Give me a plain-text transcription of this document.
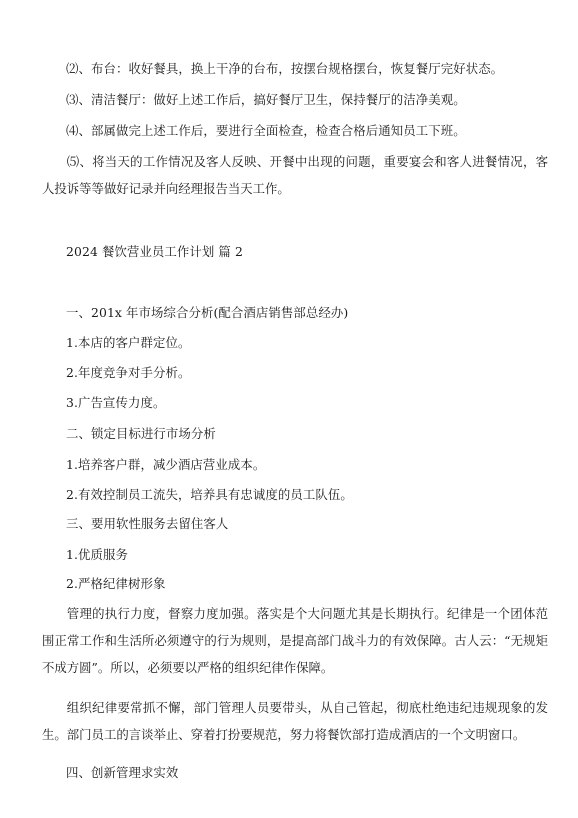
⑵、布台：收好餐具，换上干净的台布，按摆台规格摆台，恢复餐厅完好状态。
⑶、清洁餐厅：做好上述工作后，搞好餐厅卫生，保持餐厅的洁净美观。
⑷、部属做完上述工作后，要进行全面检查，检查合格后通知员工下班。
⑸、将当天的工作情况及客人反映、开餐中出现的问题，重要宴会和客人进餐情况，客人投诉等等做好记录并向经理报告当天工作。
2024 餐饮营业员工作计划 篇 2
一、201x 年市场综合分析(配合酒店销售部总经办)
1.本店的客户群定位。
2.年度竞争对手分析。
3.广告宣传力度。
二、锁定目标进行市场分析
1.培养客户群，减少酒店营业成本。
2.有效控制员工流失，培养具有忠诚度的员工队伍。
三、要用软性服务去留住客人
1.优质服务
2.严格纪律树形象
管理的执行力度，督察力度加强。落实是个大问题尤其是长期执行。纪律是一个团体范围正常工作和生活所必须遵守的行为规则，是提高部门战斗力的有效保障。古人云：“无规矩不成方圆”。所以，必须要以严格的组织纪律作保障。
组织纪律要常抓不懈，部门管理人员要带头，从自己管起，彻底杜绝违纪违规现象的发生。部门员工的言谈举止、穿着打扮要规范，努力将餐饮部打造成酒店的一个文明窗口。
四、创新管理求实效
